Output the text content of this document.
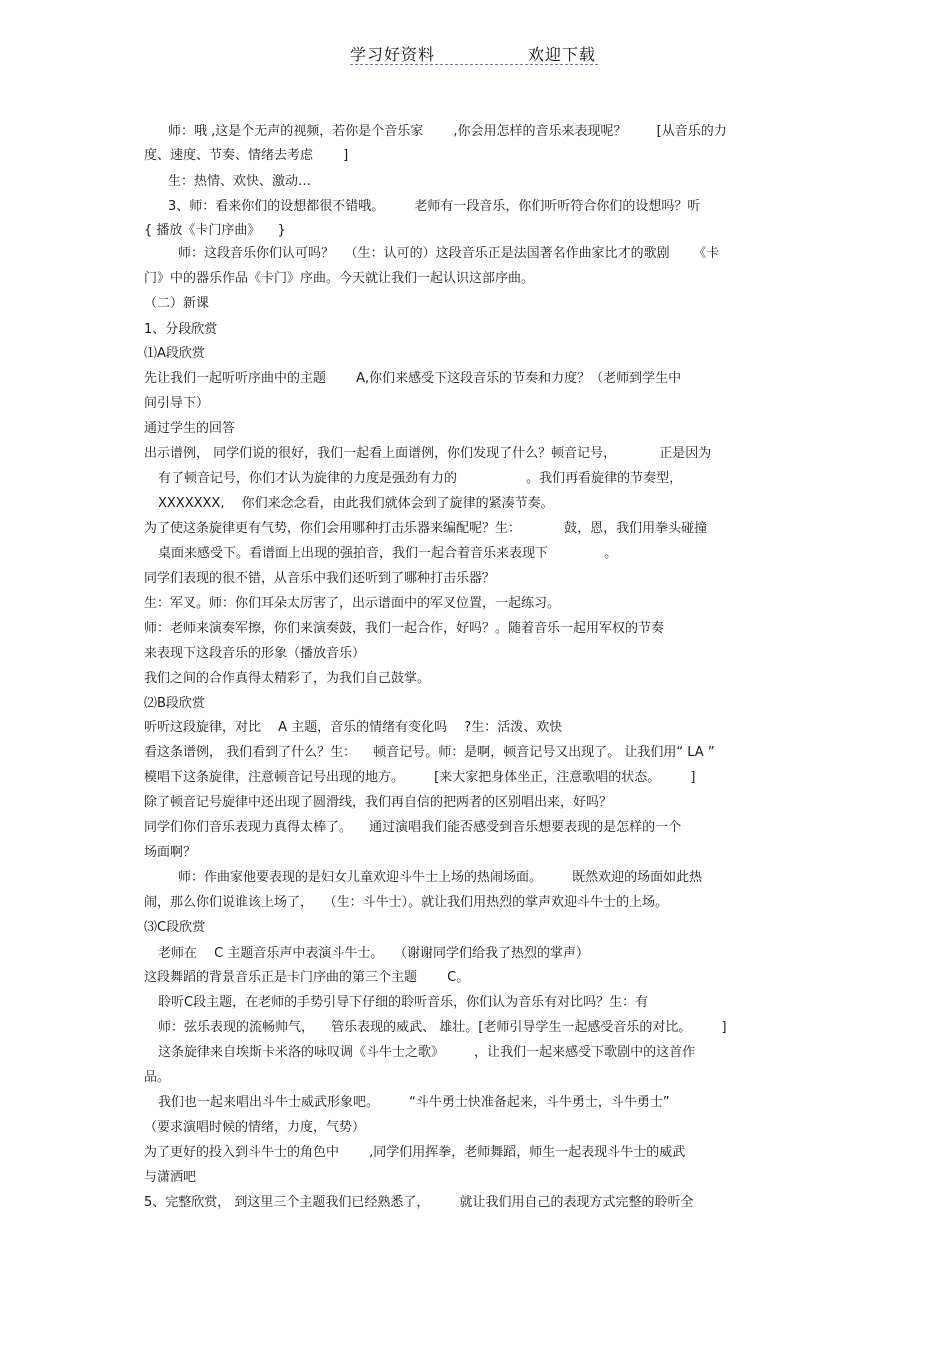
学习好资料	欢迎下载
师：哦 ,这是个无声的视频，若你是个音乐家 　　,你会用怎样的音乐来表现呢？ 　　[从音乐的力
度、速度、节奏、情绪去考虑 　　]
生：热情、欢快、激动…
3、师：看来你们的设想都很不错哦。 　　老师有一段音乐，你们听听符合你们的设想吗？听
{ 播放《卡门序曲》 　}
师：这段音乐你们认可吗？ 　（生：认可的）这段音乐正是法国著名作曲家比才的歌剧 　　《卡
门》中的器乐作品《卡门》序曲。今天就让我们一起认识这部序曲。
（二）新课
1、分段欣赏
⑴A段欣赏
先让我们一起听听序曲中的主题 　　A,你们来感受下这段音乐的节奏和力度？（老师到学生中
间引导下）
通过学生的回答
出示谱例， 同学们说的很好，我们一起看上面谱例，你们发现了什么？顿音记号， 　　　正是因为
有了顿音记号，你们才认为旋律的力度是强劲有力的 　　　　　。我们再看旋律的节奏型，
XXXXXXX, 　你们来念念看，由此我们就体会到了旋律的紧凑节奏。
为了使这条旋律更有气势，你们会用哪种打击乐器来编配呢？生： 　　　鼓，恩，我们用拳头碰撞
桌面来感受下。看谱面上出现的强拍音，我们一起合着音乐来表现下 　　　　。
同学们表现的很不错，从音乐中我们还听到了哪种打击乐器？
生：军叉。师：你们耳朵太厉害了，出示谱面中的军叉位置，一起练习。
师：老师来演奏军擦，你们来演奏鼓，我们一起合作，好吗？。随着音乐一起用军权的节奏
来表现下这段音乐的形象（播放音乐）
我们之间的合作真得太精彩了，为我们自己鼓掌。
⑵B段欣赏
听听这段旋律，对比 　A 主题，音乐的情绪有变化吗 　?生：活泼、欢快
看这条谱例， 我们看到了什么？生： 　顿音记号。师：是啊，顿音记号又出现了。 让我们用“ LA ”
模唱下这条旋律，注意顿音记号出现的地方。 　　[来大家把身体坐正，注意歌唱的状态。 　　]
除了顿音记号旋律中还出现了圆滑线，我们再自信的把两者的区别唱出来，好吗？
同学们你们音乐表现力真得太棒了。 　通过演唱我们能否感受到音乐想要表现的是怎样的一个
场面啊？
师：作曲家他要表现的是妇女儿童欢迎斗牛士上场的热闹场面。 　　既然欢迎的场面如此热
闹，那么你们说谁该上场了， 　（生：斗牛士）。就让我们用热烈的掌声欢迎斗牛士的上场。
⑶C段欣赏
老师在 　C 主题音乐声中表演斗牛士。 　（谢谢同学们给我了热烈的掌声）
这段舞蹈的背景音乐正是卡门序曲的第三个主题 　　C。
聆听C段主题，在老师的手势引导下仔细的聆听音乐，你们认为音乐有对比吗？生：有
师：弦乐表现的流畅帅气， 　管乐表现的威武、 雄壮。[老师引导学生一起感受音乐的对比。 　　]
这条旋律来自埃斯卡米洛的咏叹调《斗牛士之歌》 　　，让我们一起来感受下歌剧中的这首作
品。
我们也一起来唱出斗牛士威武形象吧。 　　“斗牛勇士快准备起来，斗牛勇士，斗牛勇士”
（要求演唱时候的情绪，力度，气势）
为了更好的投入到斗牛士的角色中 　　,同学们用挥拳，老师舞蹈，师生一起表现斗牛士的威武
与潇洒吧
5、完整欣赏， 到这里三个主题我们已经熟悉了， 　　就让我们用自己的表现方式完整的聆听全
